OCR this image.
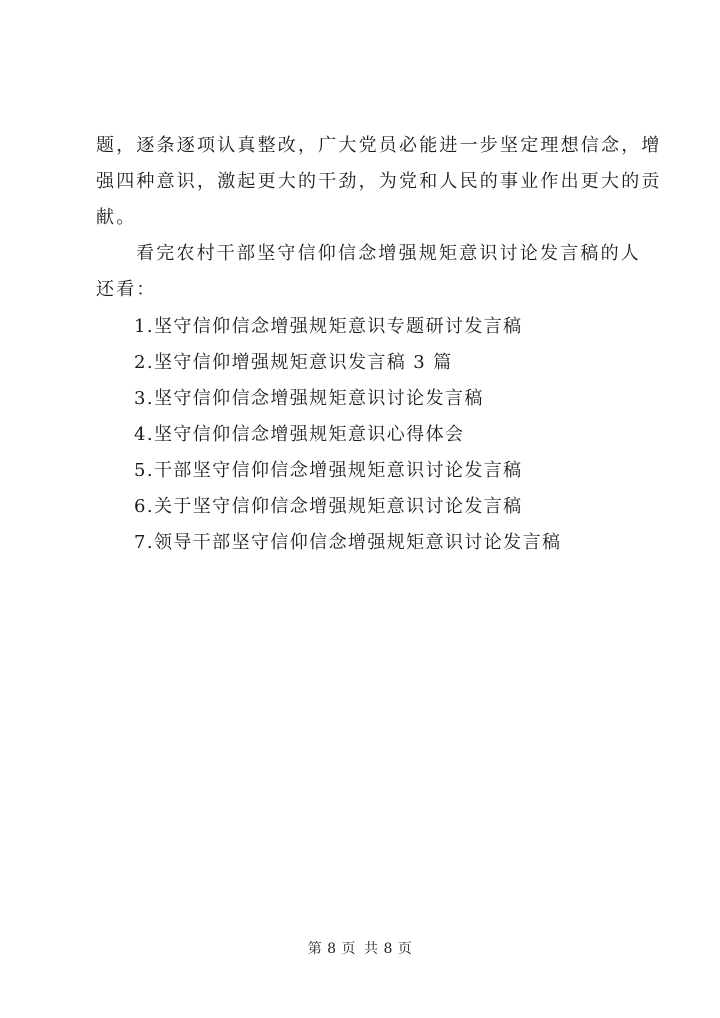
题，逐条逐项认真整改，广大党员必能进一步坚定理想信念，增
强四种意识，激起更大的干劲，为党和人民的事业作出更大的贡
献。
看完农村干部坚守信仰信念增强规矩意识讨论发言稿的人
还看：
1.坚守信仰信念增强规矩意识专题研讨发言稿
2.坚守信仰增强规矩意识发言稿 3 篇
3.坚守信仰信念增强规矩意识讨论发言稿
4.坚守信仰信念增强规矩意识心得体会
5.干部坚守信仰信念增强规矩意识讨论发言稿
6.关于坚守信仰信念增强规矩意识讨论发言稿
7.领导干部坚守信仰信念增强规矩意识讨论发言稿
第 8 页 共 8 页
